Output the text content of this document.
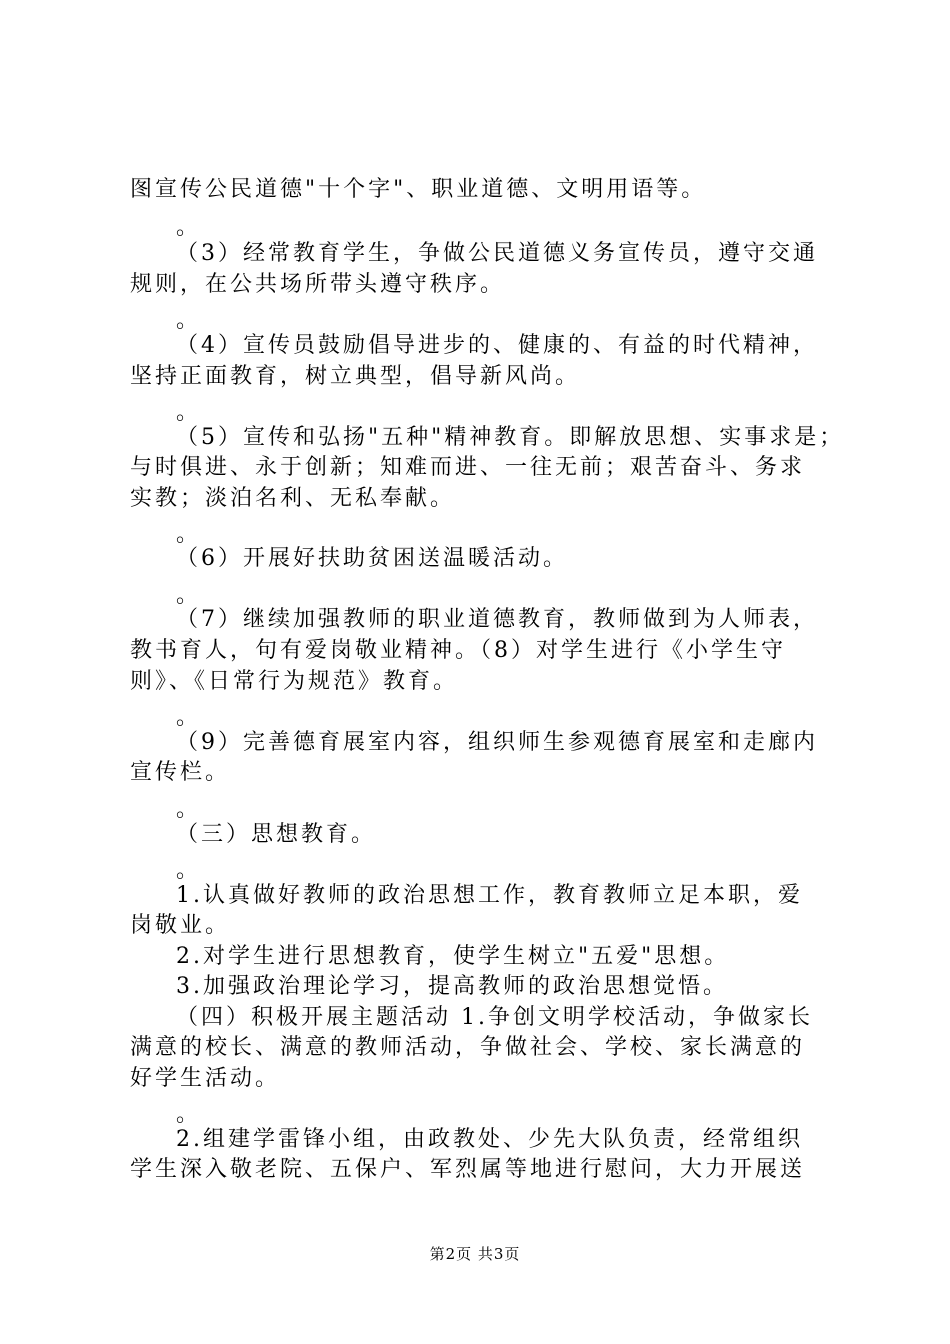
图宣传公民道德"十个字"、职业道德、文明用语等。
。
（3）经常教育学生，争做公民道德义务宣传员，遵守交通
规则，在公共场所带头遵守秩序。
。
（4）宣传员鼓励倡导进步的、健康的、有益的时代精神，
坚持正面教育，树立典型，倡导新风尚。
。
（5）宣传和弘扬"五种"精神教育。即解放思想、实事求是；
与时俱进、永于创新；知难而进、一往无前；艰苦奋斗、务求
实教；淡泊名利、无私奉献。
。
（6）开展好扶助贫困送温暖活动。
。
（7）继续加强教师的职业道德教育，教师做到为人师表，
教书育人，句有爱岗敬业精神。（8）对学生进行《小学生守
则》、《日常行为规范》教育。
。
（9）完善德育展室内容，组织师生参观德育展室和走廊内
宣传栏。
。
（三）思想教育。
。
1.认真做好教师的政治思想工作，教育教师立足本职，爱
岗敬业。
2.对学生进行思想教育，使学生树立"五爱"思想。
3.加强政治理论学习，提高教师的政治思想觉悟。
（四）积极开展主题活动 1.争创文明学校活动，争做家长
满意的校长、满意的教师活动，争做社会、学校、家长满意的
好学生活动。
。
2.组建学雷锋小组，由政教处、少先大队负责，经常组织
学生深入敬老院、五保户、军烈属等地进行慰问，大力开展送
第2页 共3页
